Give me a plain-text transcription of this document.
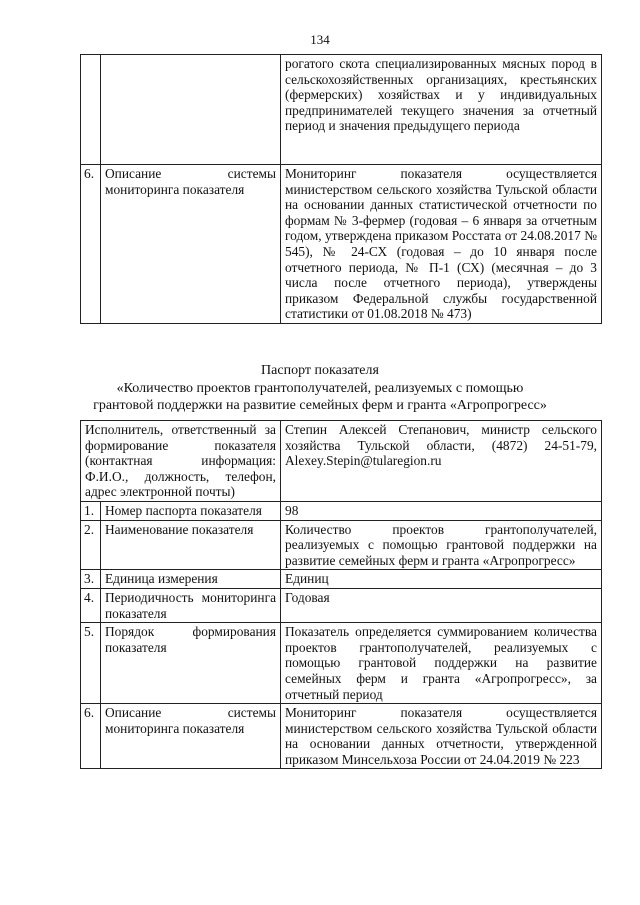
134
		рогатого скота специализированных мясных пород в сельскохозяйственных организациях, крестьянских (фермерских) хозяйствах и у индивидуальных предпринимателей текущего значения за отчетный период и значения предыдущего периода
6.	Описание системы мониторинга показателя	Мониторинг показателя осуществляется министерством сельского хозяйства Тульской области на основании данных статистической отчетности по формам № 3-фермер (годовая – 6 января за отчетным годом, утверждена приказом Росстата от 24.08.2017 № 545), № 24-СХ (годовая – до 10 января после отчетного периода, № П-1 (СХ) (месячная – до 3 числа после отчетного периода), утверждены приказом Федеральной службы государственной статистики от 01.08.2018 № 473)
Паспорт показателя
«Количество проектов грантополучателей, реализуемых с помощью
грантовой поддержки на развитие семейных ферм и гранта «Агропрогресс»
Исполнитель, ответственный за формирование показателя (контактная информация: Ф.И.О., должность, телефон, адрес электронной почты)		Степин Алексей Степанович, министр сельского хозяйства Тульской области, (4872) 24-51-79, Alexey.Stepin@tularegion.ru
1.	Номер паспорта показателя	98
2.	Наименование показателя	Количество проектов грантополучателей, реализуемых с помощью грантовой поддержки на развитие семейных ферм и гранта «Агропрогресс»
3.	Единица измерения	Единиц
4.	Периодичность мониторинга показателя	Годовая
5.	Порядок формирования показателя	Показатель определяется суммированием количества проектов грантополучателей, реализуемых с помощью грантовой поддержки на развитие семейных ферм и гранта «Агропрогресс», за отчетный период
6.	Описание системы мониторинга показателя	Мониторинг показателя осуществляется министерством сельского хозяйства Тульской области на основании данных отчетности, утвержденной приказом Минсельхоза России от 24.04.2019 № 223
